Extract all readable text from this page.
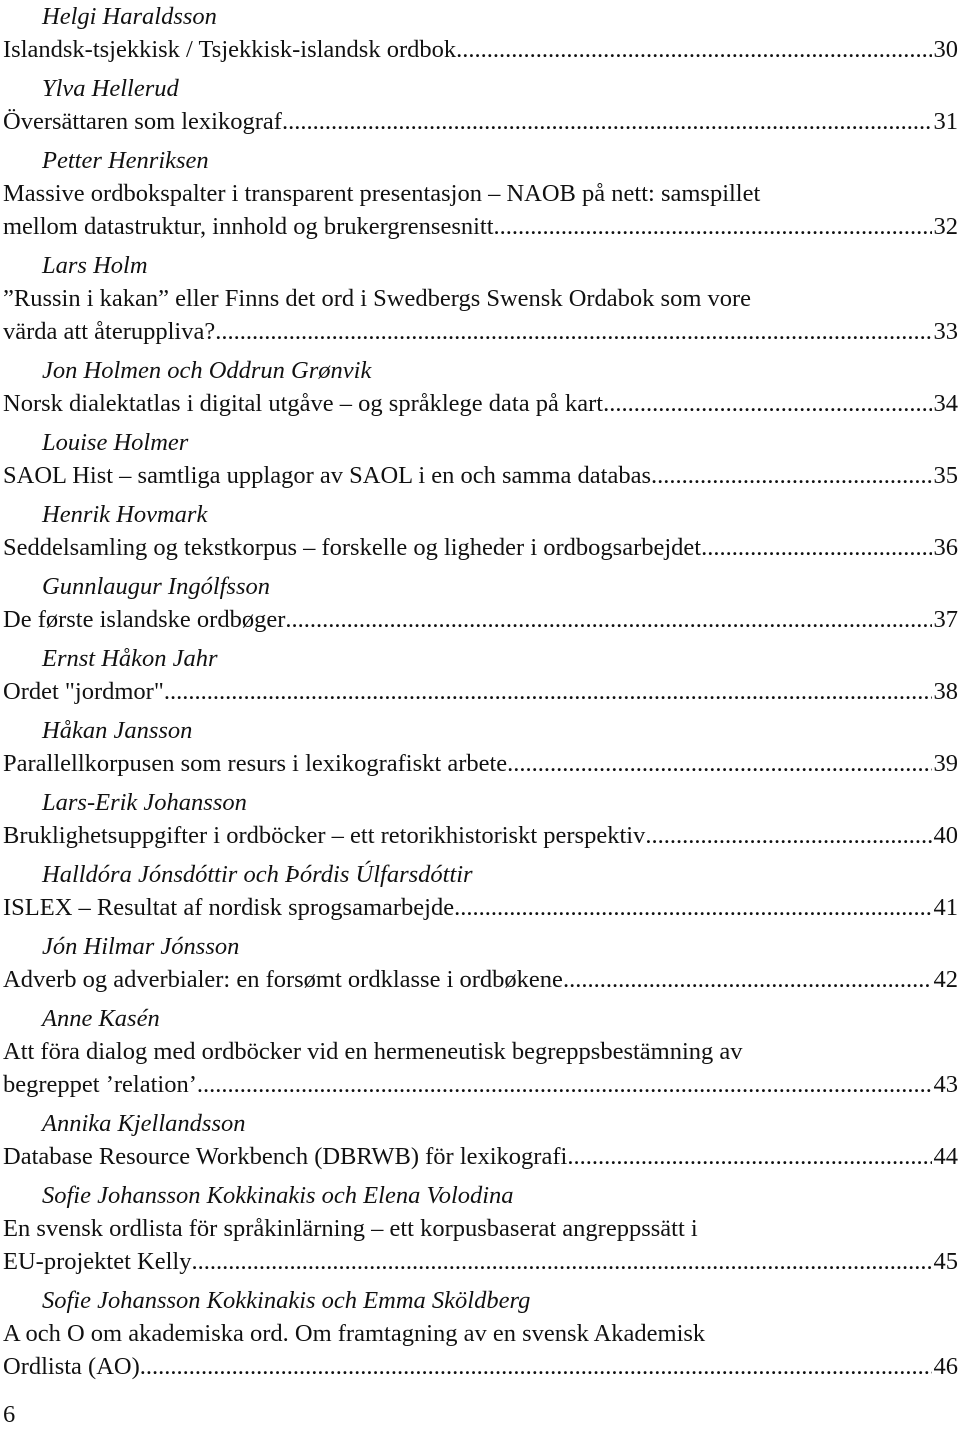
Helgi Haraldsson
Islandsk-tsjekkisk / Tsjekkisk-islandsk ordbok .....	30
Ylva Hellerud
Översättaren som lexikograf .....	31
Petter Henriksen
Massive ordbokspalter i transparent presentasjon – NAOB på nett: samspillet
mellom datastruktur, innhold og brukergrensesnitt .....	32
Lars Holm
”Russin i kakan” eller Finns det ord i Swedbergs Swensk Ordabok som vore
värda att återuppliva? .....	33
Jon Holmen och Oddrun Grønvik
Norsk dialektatlas i digital utgåve – og språklege data på kart .....	34
Louise Holmer
SAOL Hist – samtliga upplagor av SAOL i en och samma databas .....	35
Henrik Hovmark
Seddelsamling og tekstkorpus – forskelle og ligheder i ordbogsarbejdet .....	36
Gunnlaugur Ingólfsson
De første islandske ordbøger .....	37
Ernst Håkon Jahr
Ordet "jordmor" .....	38
Håkan Jansson
Parallellkorpusen som resurs i lexikografiskt arbete .....	39
Lars-Erik Johansson
Bruklighetsuppgifter i ordböcker – ett retorikhistoriskt perspektiv .....	40
Halldóra Jónsdóttir och Þórdis Úlfarsdóttir
ISLEX – Resultat af nordisk sprogsamarbejde .....	41
Jón Hilmar Jónsson
Adverb og adverbialer: en forsømt ordklasse i ordbøkene .....	42
Anne Kasén
Att föra dialog med ordböcker vid en hermeneutisk begreppsbestämning av
begreppet ’relation’ .....	43
Annika Kjellandsson
Database Resource Workbench (DBRWB) för lexikografi .....	44
Sofie Johansson Kokkinakis och Elena Volodina
En svensk ordlista för språkinlärning – ett korpusbaserat angreppssätt i
EU-projektet Kelly .....	45
Sofie Johansson Kokkinakis och Emma Sköldberg
A och O om akademiska ord. Om framtagning av en svensk Akademisk
Ordlista (AO) .....	46
6
